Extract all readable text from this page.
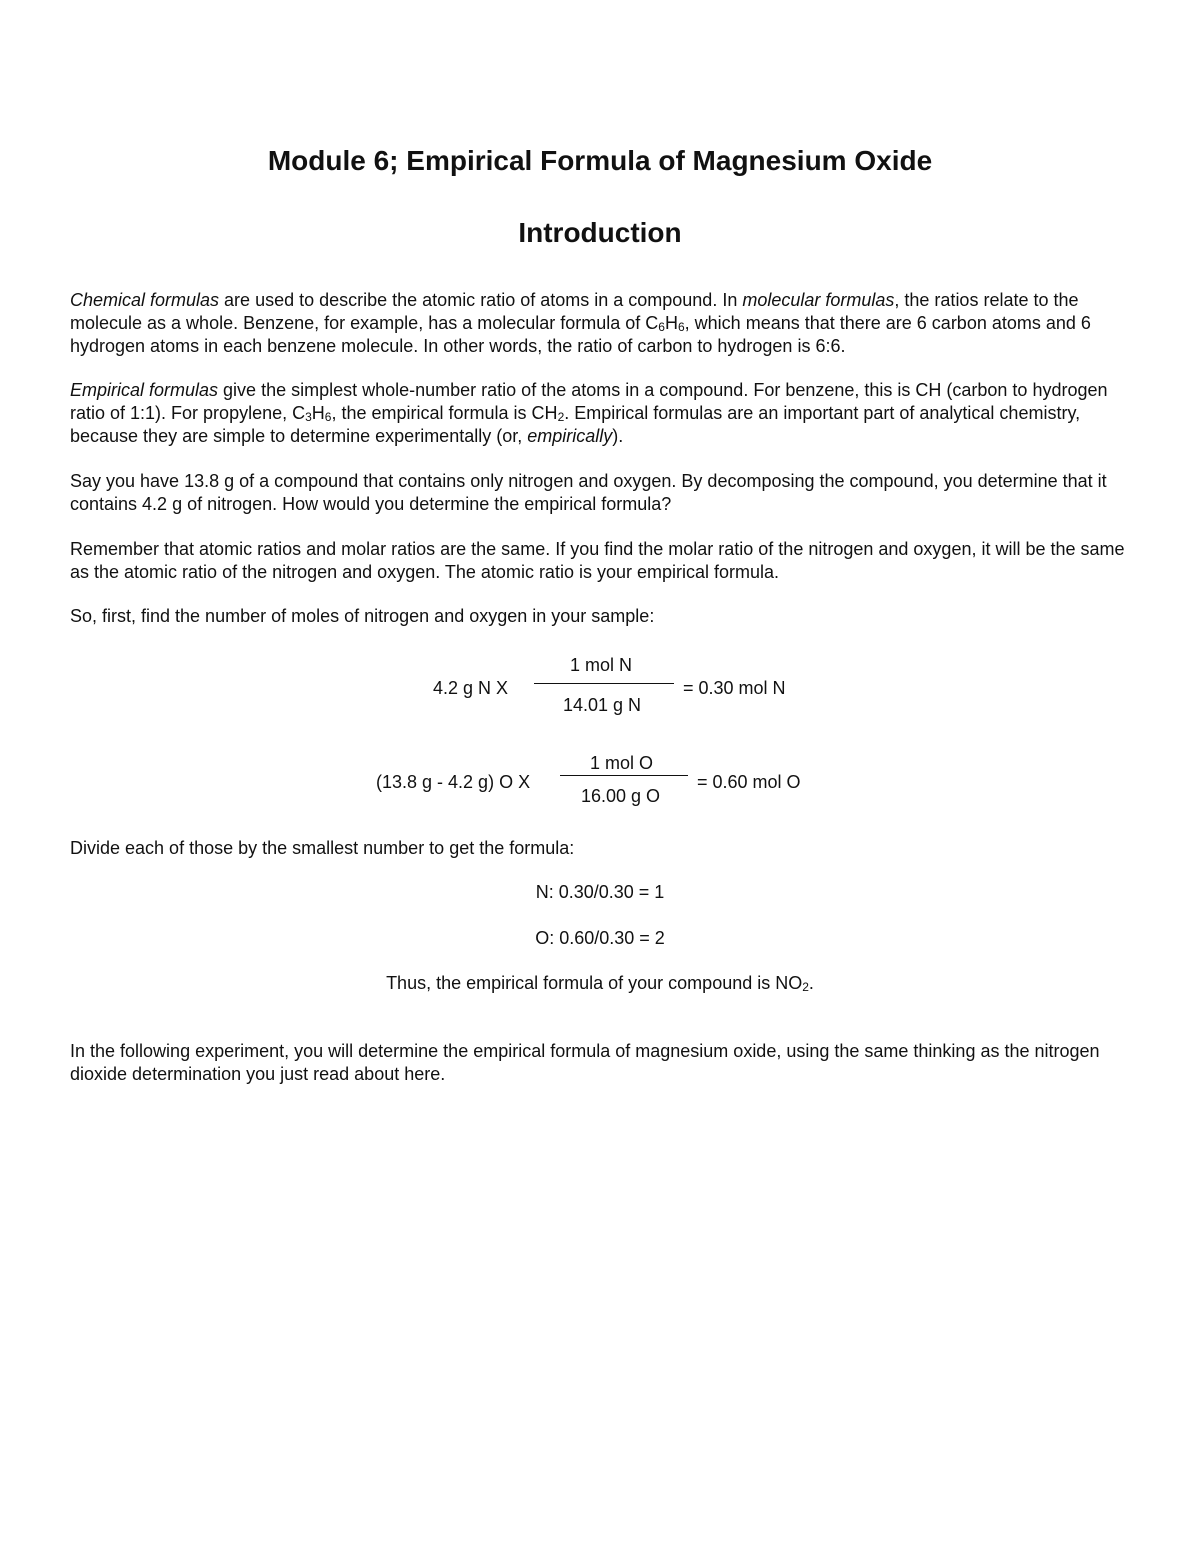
Module 6; Empirical Formula of Magnesium Oxide
Introduction

Chemical formulas are used to describe the atomic ratio of atoms in a compound. In molecular formulas, the ratios relate to the molecule as a whole. Benzene, for example, has a molecular formula of $C_6H_6$, which means that there are 6 carbon atoms and 6 hydrogen atoms in each benzene molecule. In other words, the ratio of carbon to hydrogen is 6:6.

Empirical formulas give the simplest whole-number ratio of the atoms in a compound. For benzene, this is CH (carbon to hydrogen ratio of 1:1). For propylene, $C_3H_6$, the empirical formula is $CH_2$. Empirical formulas are an important part of analytical chemistry, because they are simple to determine experimentally (or, empirically).

Say you have 13.8 g of a compound that contains only nitrogen and oxygen. By decomposing the compound, you determine that it contains 4.2 g of nitrogen. How would you determine the empirical formula?

Remember that atomic ratios and molar ratios are the same. If you find the molar ratio of the nitrogen and oxygen, it will be the same as the atomic ratio of the nitrogen and oxygen. The atomic ratio is your empirical formula.

So, first, find the number of moles of nitrogen and oxygen in your sample:

4.2 g N X
1 mol N
14.01 g N
= 0.30 mol N
(13.8 g - 4.2 g) O X
1 mol O
16.00 g O
= 0.60 mol O

Divide each of those by the smallest number to get the formula:

N: 0.30/0.30 = 1

O: 0.60/0.30 = 2

Thus, the empirical formula of your compound is $NO_2$.

In the following experiment, you will determine the empirical formula of magnesium oxide, using the same thinking as the nitrogen dioxide determination you just read about here.
